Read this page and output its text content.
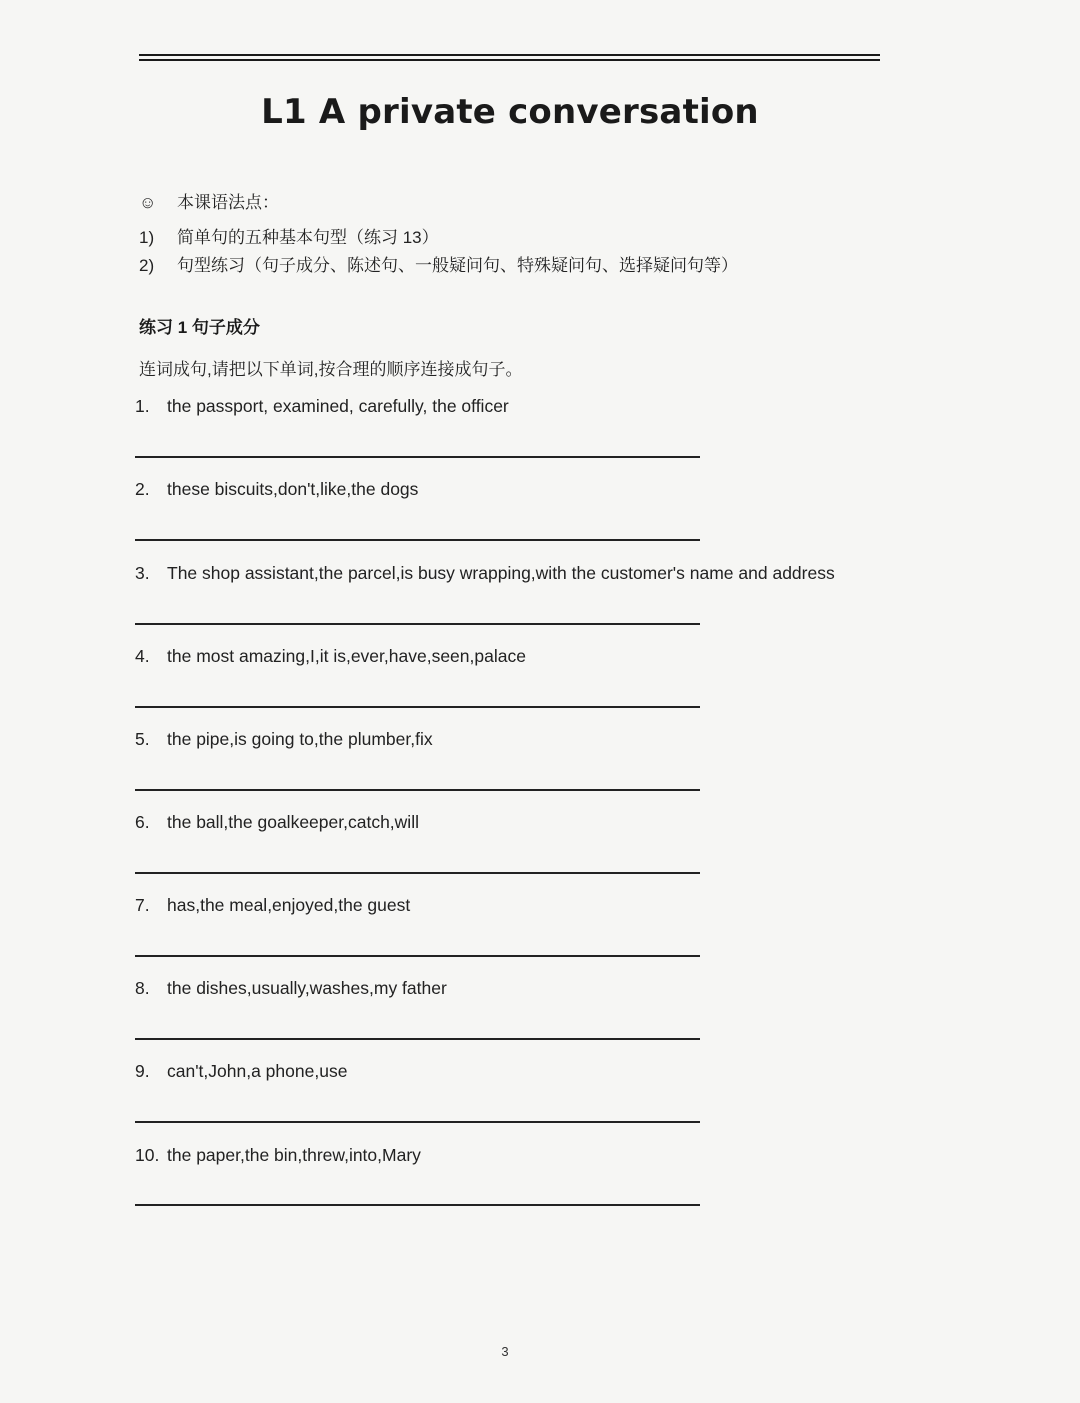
L1 A private conversation
☺ 本课语法点：
1) 简单句的五种基本句型（练习 13）
2) 句型练习（句子成分、陈述句、一般疑问句、特殊疑问句、选择疑问句等）
练习 1 句子成分
连词成句,请把以下单词,按合理的顺序连接成句子。
1. the passport, examined, carefully, the officer
2. these biscuits,don't,like,the dogs
3. The shop assistant,the parcel,is busy wrapping,with the customer's name and address
4. the most amazing,I,it is,ever,have,seen,palace
5. the pipe,is going to,the plumber,fix
6. the ball,the goalkeeper,catch,will
7. has,the meal,enjoyed,the guest
8. the dishes,usually,washes,my father
9. can't,John,a phone,use
10. the paper,the bin,threw,into,Mary
3
